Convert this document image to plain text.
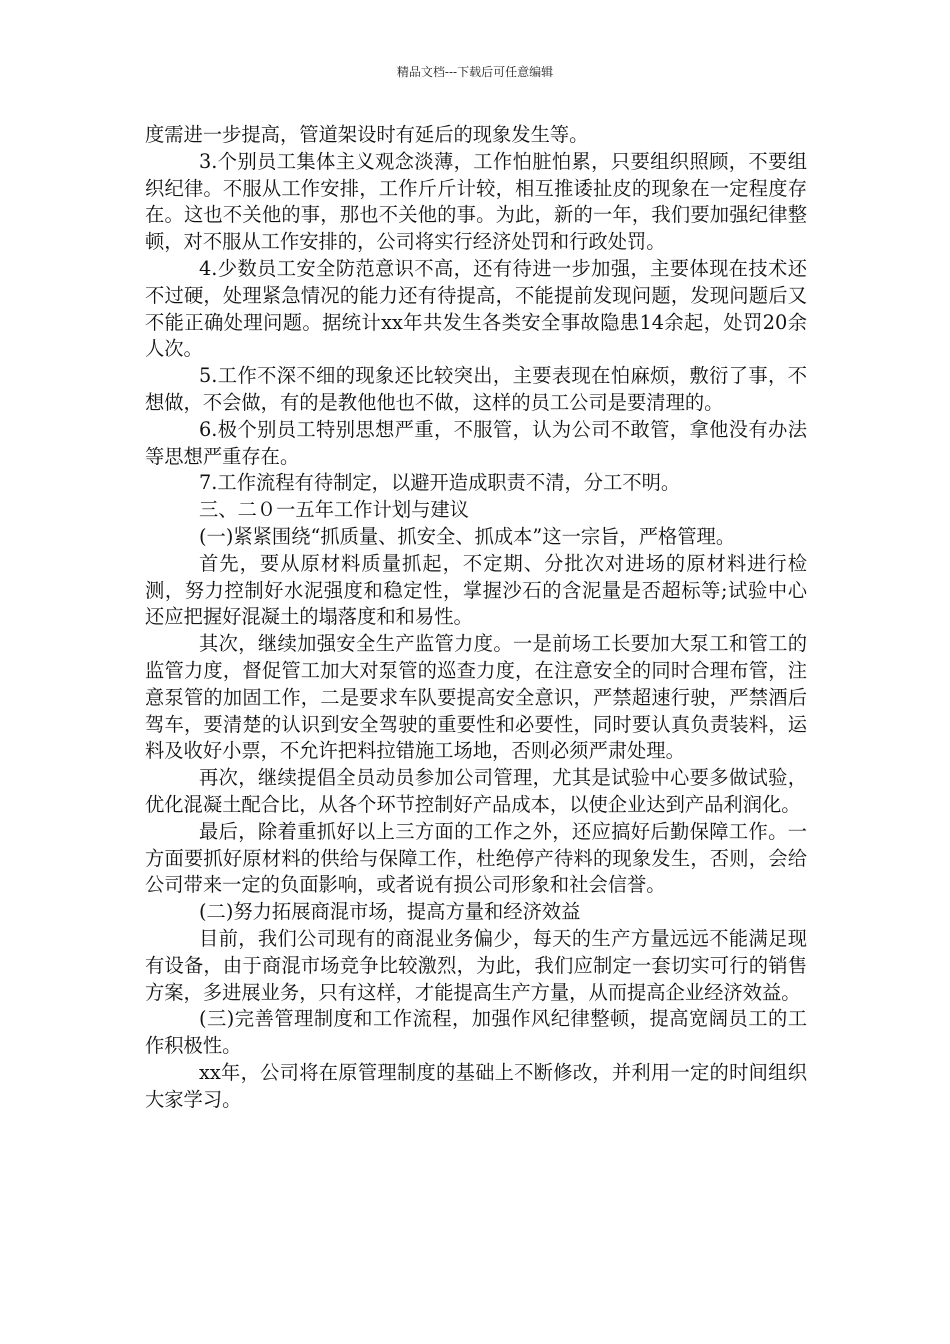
精品文档---下载后可任意编辑

度需进一步提高，管道架设时有延后的现象发生等。

3.个别员工集体主义观念淡薄，工作怕脏怕累，只要组织照顾，不要组织纪律。不服从工作安排，工作斤斤计较，相互推诿扯皮的现象在一定程度存在。这也不关他的事，那也不关他的事。为此，新的一年，我们要加强纪律整顿，对不服从工作安排的，公司将实行经济处罚和行政处罚。

4.少数员工安全防范意识不高，还有待进一步加强，主要体现在技术还不过硬，处理紧急情况的能力还有待提高，不能提前发现问题，发现问题后又不能正确处理问题。据统计xx年共发生各类安全事故隐患14余起，处罚20余人次。

5.工作不深不细的现象还比较突出，主要表现在怕麻烦，敷衍了事，不想做，不会做，有的是教他他也不做，这样的员工公司是要清理的。

6.极个别员工特别思想严重，不服管，认为公司不敢管，拿他没有办法等思想严重存在。

7.工作流程有待制定，以避开造成职责不清，分工不明。

三、二０一五年工作计划与建议

(一)紧紧围绕“抓质量、抓安全、抓成本”这一宗旨，严格管理。

首先，要从原材料质量抓起，不定期、分批次对进场的原材料进行检测，努力控制好水泥强度和稳定性，掌握沙石的含泥量是否超标等;试验中心还应把握好混凝土的塌落度和和易性。

其次，继续加强安全生产监管力度。一是前场工长要加大泵工和管工的监管力度，督促管工加大对泵管的巡查力度，在注意安全的同时合理布管，注意泵管的加固工作，二是要求车队要提高安全意识，严禁超速行驶，严禁酒后驾车，要清楚的认识到安全驾驶的重要性和必要性，同时要认真负责装料，运料及收好小票，不允许把料拉错施工场地，否则必须严肃处理。

再次，继续提倡全员动员参加公司管理，尤其是试验中心要多做试验，优化混凝土配合比，从各个环节控制好产品成本，以使企业达到产品利润化。

最后，除着重抓好以上三方面的工作之外，还应搞好后勤保障工作。一方面要抓好原材料的供给与保障工作，杜绝停产待料的现象发生，否则，会给公司带来一定的负面影响，或者说有损公司形象和社会信誉。

(二)努力拓展商混市场，提高方量和经济效益

目前，我们公司现有的商混业务偏少，每天的生产方量远远不能满足现有设备，由于商混市场竞争比较激烈，为此，我们应制定一套切实可行的销售方案，多进展业务，只有这样，才能提高生产方量，从而提高企业经济效益。

(三)完善管理制度和工作流程，加强作风纪律整顿，提高宽阔员工的工作积极性。

xx年，公司将在原管理制度的基础上不断修改，并利用一定的时间组织大家学习。
